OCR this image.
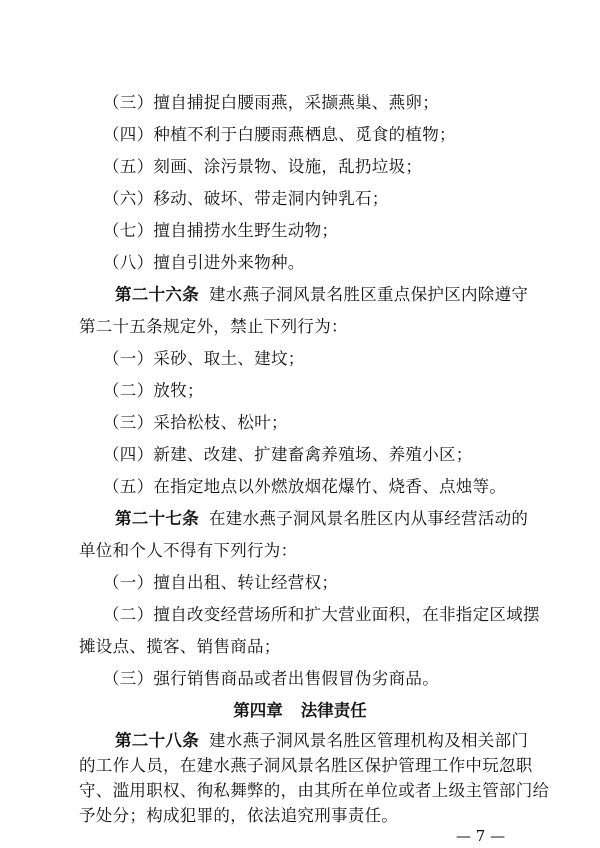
（三）擅自捕捉白腰雨燕，采撷燕巢、燕卵；
（四）种植不利于白腰雨燕栖息、觅食的植物；
（五）刻画、涂污景物、设施，乱扔垃圾；
（六）移动、破坏、带走洞内钟乳石；
（七）擅自捕捞水生野生动物；
（八）擅自引进外来物种。
第二十六条 建水燕子洞风景名胜区重点保护区内除遵守
第二十五条规定外，禁止下列行为：
（一）采砂、取土、建坟；
（二）放牧；
（三）采拾松枝、松叶；
（四）新建、改建、扩建畜禽养殖场、养殖小区；
（五）在指定地点以外燃放烟花爆竹、烧香、点烛等。
第二十七条 在建水燕子洞风景名胜区内从事经营活动的
单位和个人不得有下列行为：
（一）擅自出租、转让经营权；
（二）擅自改变经营场所和扩大营业面积，在非指定区域摆
摊设点、揽客、销售商品；
（三）强行销售商品或者出售假冒伪劣商品。
第四章 法律责任
— 7 —
第二十八条 建水燕子洞风景名胜区管理机构及相关部门
的工作人员，在建水燕子洞风景名胜区保护管理工作中玩忽职
守、滥用职权、徇私舞弊的，由其所在单位或者上级主管部门给
予处分；构成犯罪的，依法追究刑事责任。
